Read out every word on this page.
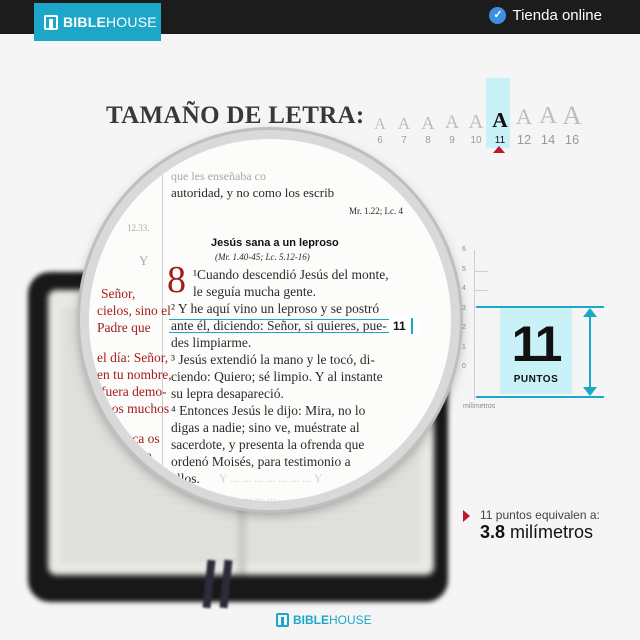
✓ Tienda online
BIBLEHOUSE
TAMAÑO DE LETRA: A
6
A
7
A
8
A
9
A
10
A
11
A
12
A
14
A
16
que les enseñaba co
autoridad, y no como los escrib
Mr. 1.22; Lc. 4
Jesús sana a un leproso
(Mr. 1.40-45; Lc. 5.12-16)
8 ¹Cuando descendió Jesús del monte,
le seguía mucha gente.
² Y he aquí vino un leproso y se postró
ante él, diciendo: Señor, si quieres, pue-
des limpiarme.
³ Jesús extendió la mano y le tocó, di-
ciendo: Quiero; sé limpio. Y al instante
su lepra desapareció.
⁴ Entonces Jesús le dijo: Mira, no lo
digas a nadie; sino ve, muéstrate al
sacerdote, y presenta la ofrenda que
ordenó Moisés, para testimonio a
ellos. Y ... ... ... ... ... ... ... Y
... ... ... ... ... ... ... ... ...	Lv. 14.1
12.33.
Y
Señor,
cielos, sino el
Padre que
el día: Señor,
en tu nombre,
fuera demo-
nos muchos
Nunca os
ores de
11
6
5
4
3
2
1
0
milímetros
11
PUNTOS
11 puntos equivalen a:
3.8 milímetros
BIBLEHOUSE
